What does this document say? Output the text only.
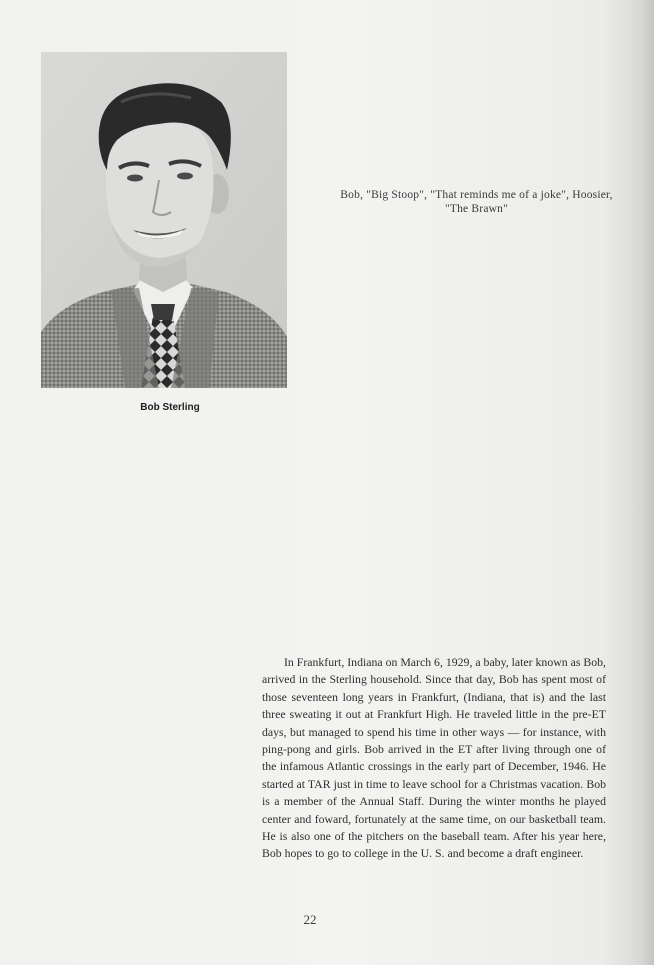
Bob Sterling
Bob, "Big Stoop", "That reminds me of a joke", Hoosier, "The Brawn"

In Frankfurt, Indiana on March 6, 1929, a baby, later known as Bob, arrived in the Sterling household. Since that day, Bob has spent most of those seventeen long years in Frankfurt, (Indiana, that is) and the last three sweating it out at Frankfurt High. He traveled little in the pre-ET days, but managed to spend his time in other ways — for instance, with ping-pong and girls. Bob arrived in the ET after living through one of the infamous Atlantic crossings in the early part of December, 1946. He started at TAR just in time to leave school for a Christmas vacation. Bob is a member of the Annual Staff. During the winter months he played center and foward, fortunately at the same time, on our basketball team. He is also one of the pitchers on the baseball team. After his year here, Bob hopes to go to college in the U. S. and become a draft engineer.

22
